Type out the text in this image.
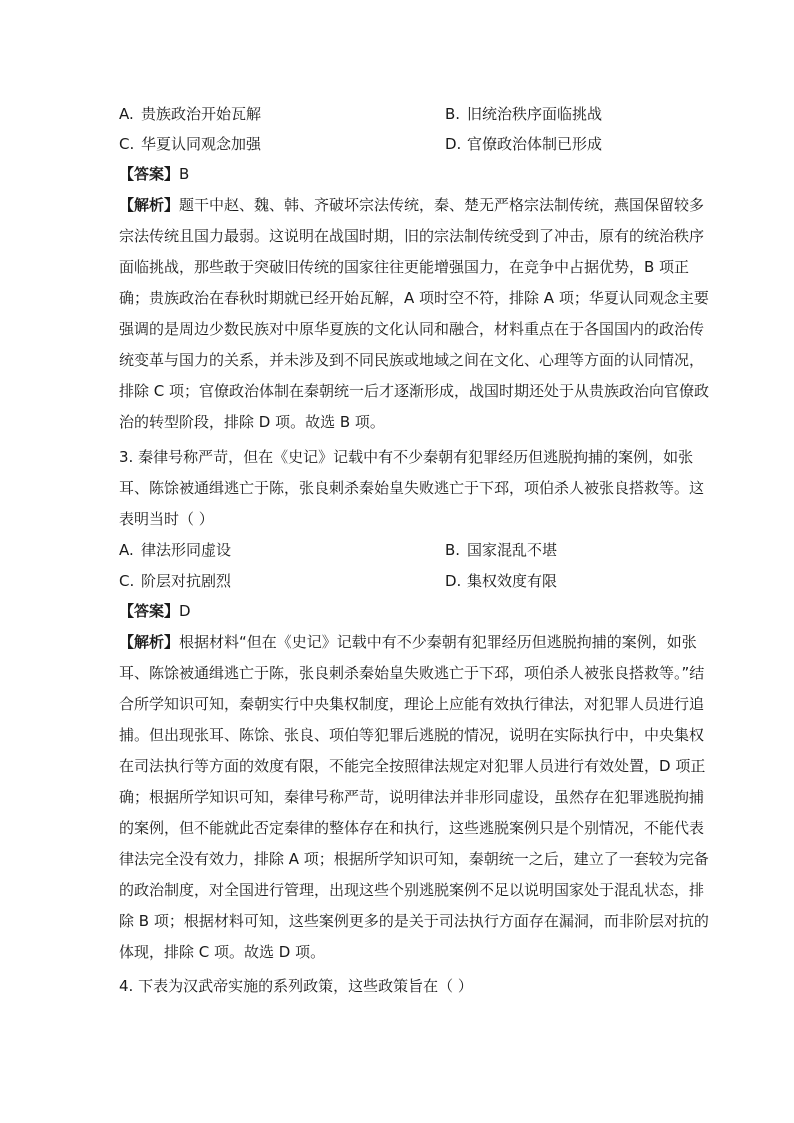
A. 贵族政治开始瓦解	B. 旧统治秩序面临挑战
C. 华夏认同观念加强	D. 官僚政治体制已形成
【答案】B
【解析】题干中赵、魏、韩、齐破坏宗法传统，秦、楚无严格宗法制传统，燕国保留较多
宗法传统且国力最弱。这说明在战国时期，旧的宗法制传统受到了冲击，原有的统治秩序
面临挑战，那些敢于突破旧传统的国家往往更能增强国力，在竞争中占据优势，B 项正
确；贵族政治在春秋时期就已经开始瓦解，A 项时空不符，排除 A 项；华夏认同观念主要
强调的是周边少数民族对中原华夏族的文化认同和融合，材料重点在于各国国内的政治传
统变革与国力的关系，并未涉及到不同民族或地域之间在文化、心理等方面的认同情况，
排除 C 项；官僚政治体制在秦朝统一后才逐渐形成，战国时期还处于从贵族政治向官僚政
治的转型阶段，排除 D 项。故选 B 项。
3. 秦律号称严苛，但在《史记》记载中有不少秦朝有犯罪经历但逃脱拘捕的案例，如张
耳、陈馀被通缉逃亡于陈，张良刺杀秦始皇失败逃亡于下邳，项伯杀人被张良搭救等。这
表明当时（ ）
A. 律法形同虚设	B. 国家混乱不堪
C. 阶层对抗剧烈	D. 集权效度有限
【答案】D
【解析】根据材料“但在《史记》记载中有不少秦朝有犯罪经历但逃脱拘捕的案例，如张
耳、陈馀被通缉逃亡于陈，张良刺杀秦始皇失败逃亡于下邳，项伯杀人被张良搭救等。”结
合所学知识可知，秦朝实行中央集权制度，理论上应能有效执行律法，对犯罪人员进行追
捕。但出现张耳、陈馀、张良、项伯等犯罪后逃脱的情况，说明在实际执行中，中央集权
在司法执行等方面的效度有限，不能完全按照律法规定对犯罪人员进行有效处置，D 项正
确；根据所学知识可知，秦律号称严苛，说明律法并非形同虚设，虽然存在犯罪逃脱拘捕
的案例，但不能就此否定秦律的整体存在和执行，这些逃脱案例只是个别情况，不能代表
律法完全没有效力，排除 A 项；根据所学知识可知，秦朝统一之后，建立了一套较为完备
的政治制度，对全国进行管理，出现这些个别逃脱案例不足以说明国家处于混乱状态，排
除 B 项；根据材料可知，这些案例更多的是关于司法执行方面存在漏洞，而非阶层对抗的
体现，排除 C 项。故选 D 项。
4. 下表为汉武帝实施的系列政策，这些政策旨在（ ）
